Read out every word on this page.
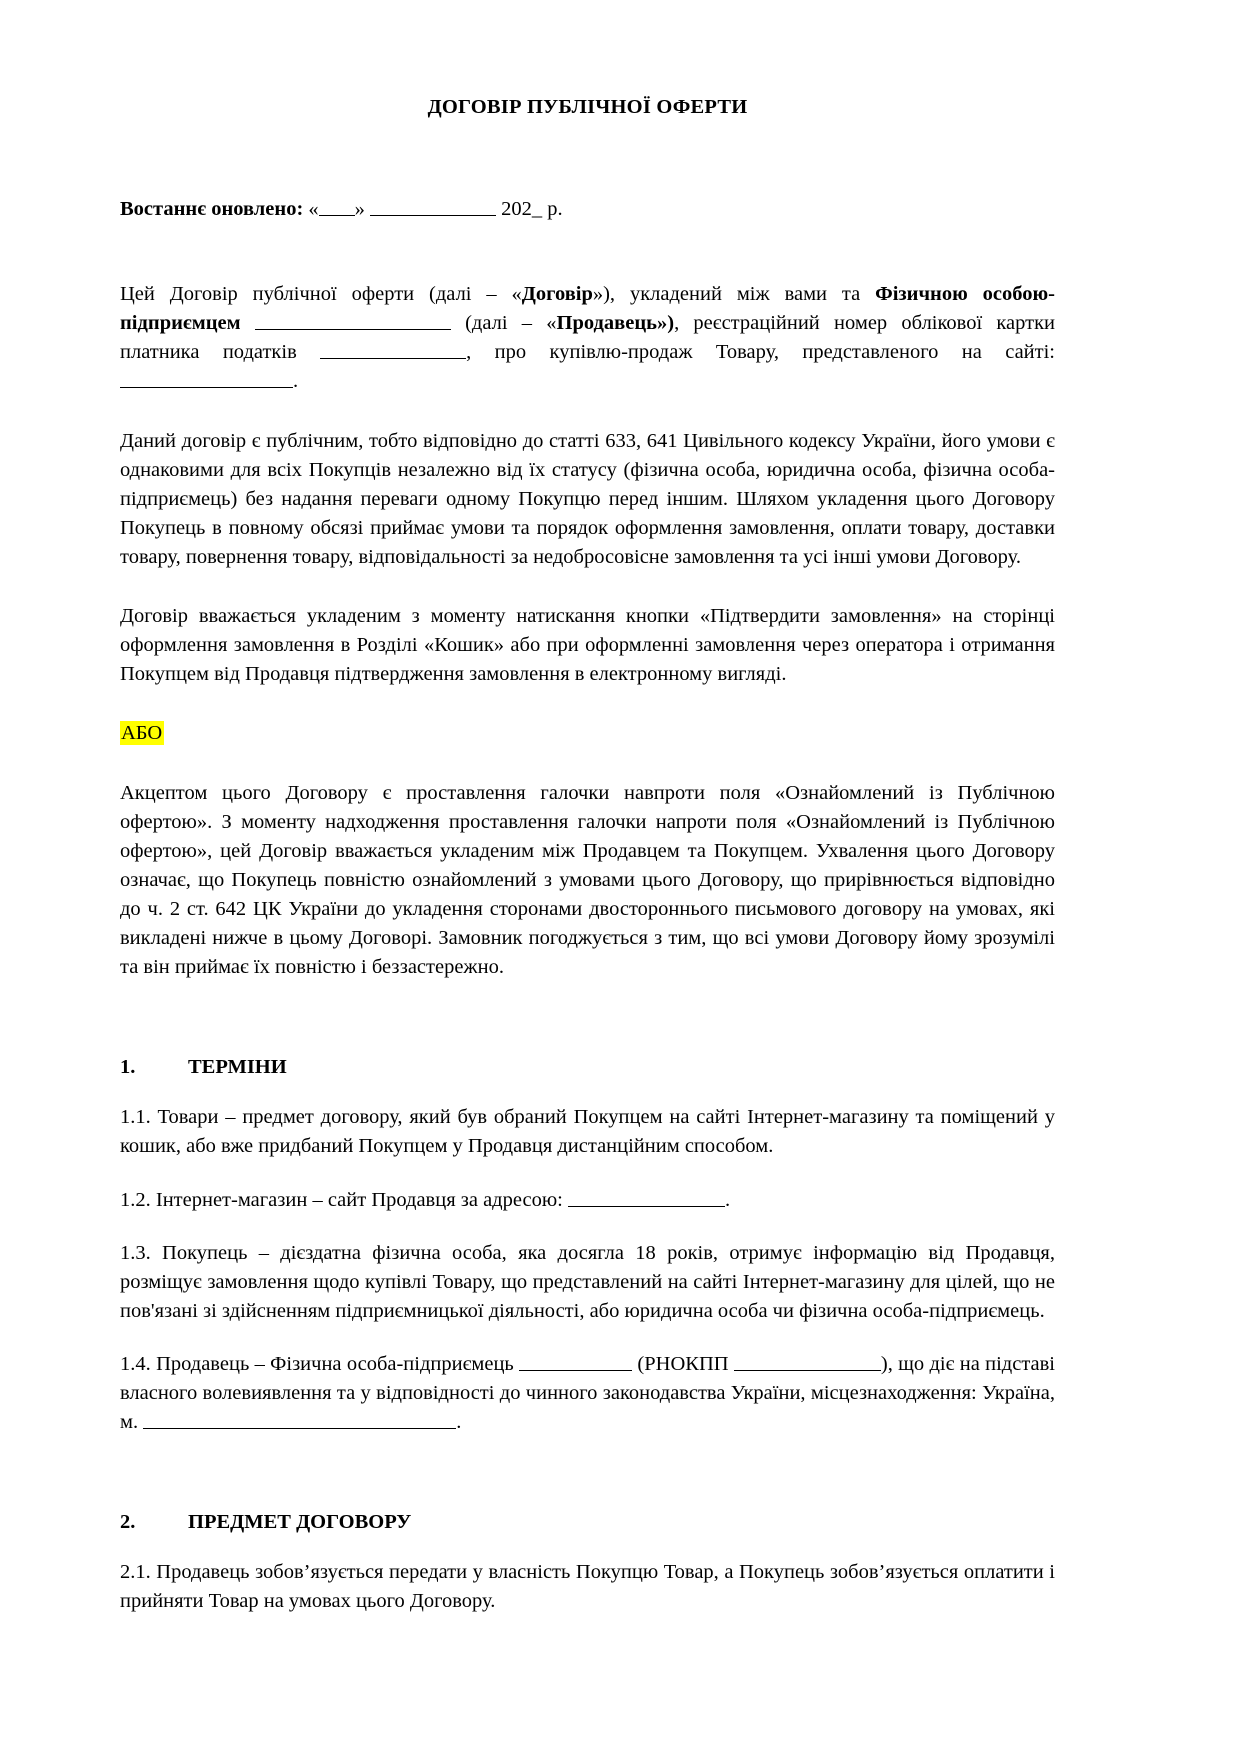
ДОГОВІР ПУБЛІЧНОЇ ОФЕРТИ

Востаннє оновлено: « »	202_ р.

Цей Договір публічної оферти (далі – «Договір»), укладений між вами та Фізичною особою-підприємцем	(далі – «Продавець»), реєстраційний номер облікової картки платника податків	, про купівлю-продаж Товару, представленого на сайті: .

Даний договір є публічним, тобто відповідно до статті 633, 641 Цивільного кодексу України, його умови є однаковими для всіх Покупців незалежно від їх статусу (фізична особа, юридична особа, фізична особа-підприємець) без надання переваги одному Покупцю перед іншим. Шляхом укладення цього Договору Покупець в повному обсязі приймає умови та порядок оформлення замовлення, оплати товару, доставки товару, повернення товару, відповідальності за недобросовісне замовлення та усі інші умови Договору.

Договір вважається укладеним з моменту натискання кнопки «Підтвердити замовлення» на сторінці оформлення замовлення в Розділі «Кошик» або при оформленні замовлення через оператора і отримання Покупцем від Продавця підтвердження замовлення в електронному вигляді.

АБО

Акцептом цього Договору є проставлення галочки навпроти поля «Ознайомлений із Публічною офертою». З моменту надходження проставлення галочки напроти поля «Ознайомлений із Публічною офертою», цей Договір вважається укладеним між Продавцем та Покупцем. Ухвалення цього Договору означає, що Покупець повністю ознайомлений з умовами цього Договору, що прирівнюється відповідно до ч. 2 ст. 642 ЦК України до укладення сторонами двостороннього письмового договору на умовах, які викладені нижче в цьому Договорі. Замовник погоджується з тим, що всі умови Договору йому зрозумілі та він приймає їх повністю і беззастережно.

1.	ТЕРМІНИ

1.1. Товари – предмет договору, який був обраний Покупцем на сайті Інтернет-магазину та поміщений у кошик, або вже придбаний Покупцем у Продавця дистанційним способом.

1.2. Інтернет-магазин – сайт Продавця за адресою:	.

1.3. Покупець – дієздатна фізична особа, яка досягла 18 років, отримує інформацію від Продавця, розміщує замовлення щодо купівлі Товару, що представлений на сайті Інтернет-магазину для цілей, що не пов'язані зі здійсненням підприємницької діяльності, або юридична особа чи фізична особа-підприємець.

1.4. Продавець – Фізична особа-підприємець	(РНОКПП	), що діє на підставі власного волевиявлення та у відповідності до чинного законодавства України, місцезнаходження: Україна, м.	.

2.	ПРЕДМЕТ ДОГОВОРУ

2.1. Продавець зобов’язується передати у власність Покупцю Товар, а Покупець зобов’язується оплатити і прийняти Товар на умовах цього Договору.
